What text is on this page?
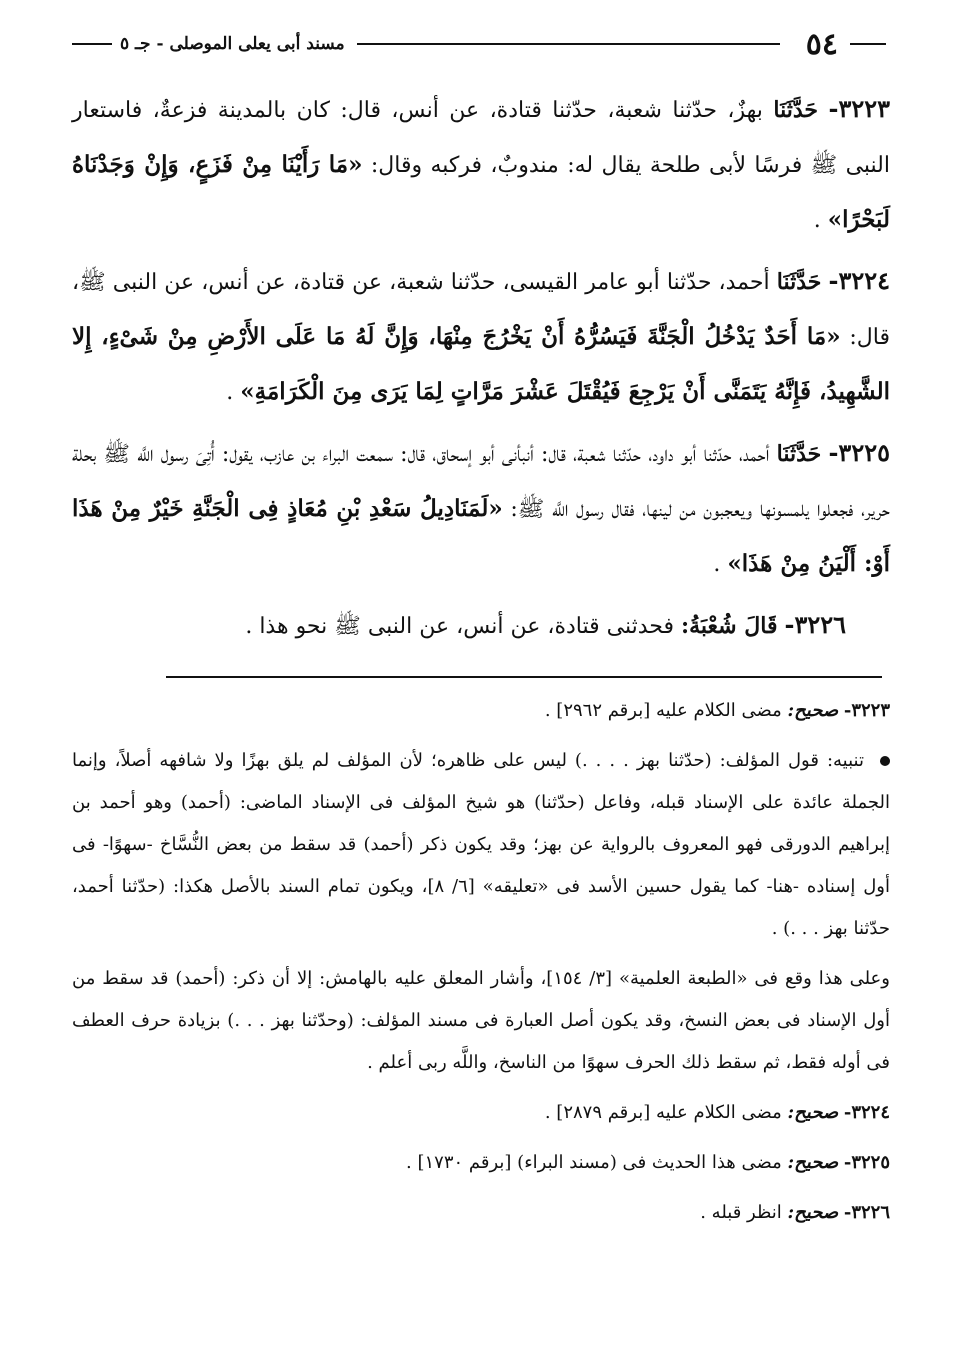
٥٤
مسند أبى يعلى الموصلى - جـ ٥

٣٢٢٣- حَدَّثَنَا بهزٌ، حدّثنا شعبة، حدّثنا قتادة، عن أنس، قال: كان بالمدينة فزعةٌ، فاستعار النبى ﷺ فرسًا لأبى طلحة يقال له: مندوبٌ، فركبه وقال: «مَا رَأَيْنَا مِنْ فَزَعٍ، وَإِنْ وَجَدْنَاهُ لَبَحْرًا» .

٣٢٢٤- حَدَّثَنَا أحمد، حدّثنا أبو عامر القيسى، حدّثنا شعبة، عن قتادة، عن أنس، عن النبى ﷺ، قال: «مَا أَحَدٌ يَدْخُلُ الْجَنَّةَ فَيَسُرُّهُ أَنْ يَخْرُجَ مِنْهَا، وَإِنَّ لَهُ مَا عَلَى الأَرْضِ مِنْ شَىْءٍ، إِلا الشَّهِيدُ، فَإِنَّهُ يَتَمَنَّى أَنْ يَرْجِعَ فَيُقْتَلَ عَشْرَ مَرَّاتٍ لِمَا يَرَى مِنَ الْكَرَامَةِ» .

٣٢٢٥- حَدَّثَنَا أحمد، حدّثنا أبو داود، حدّثنا شعبة، قال: أنبأنى أبو إسحاق، قال: سمعت البراء بن عازب، يقول: أُتِىَ رسول اللَّه ﷺ بحلة حرير، فجعلوا يلمسونها ويعجبون من لينها، فقال رسول اللَّه ﷺ: «لَمَنَادِيلُ سَعْدِ بْنِ مُعَاذٍ فِى الْجَنَّةِ خَيْرٌ مِنْ هَذَا أَوْ: أَلْيَنُ مِنْ هَذَا» .

٣٢٢٦- قَالَ شُعْبَةُ: فحدثنى قتادة، عن أنس، عن النبى ﷺ نحو هذا .

٣٢٢٣- صحيح: مضى الكلام عليه [برقم ٢٩٦٢] .

تنبيه: قول المؤلف: (حدّثنا بهز . . . .) ليس على ظاهره؛ لأن المؤلف لم يلق بهزًا ولا شافهه أصلاً، وإنما الجملة عائدة على الإسناد قبله، وفاعل (حدّثنا) هو شيخ المؤلف فى الإسناد الماضى: (أحمد) وهو أحمد بن إبراهيم الدورقى فهو المعروف بالرواية عن بهز؛ وقد يكون ذكر (أحمد) قد سقط من بعض النُّسَّاخ -سهوًا- فى أول إسناده -هنا- كما يقول حسين الأسد فى «تعليقه» [٦/ ٨]، ويكون تمام السند بالأصل هكذا: (حدّثنا أحمد، حدّثنا بهز . . .) .

وعلى هذا وقع فى «الطبعة العلمية» [٣/ ١٥٤]، وأشار المعلق عليه بالهامش: إلا أن ذكر: (أحمد) قد سقط من أول الإسناد فى بعض النسخ، وقد يكون أصل العبارة فى مسند المؤلف: (وحدّثنا بهز . . .) بزيادة حرف العطف فى أوله فقط، ثم سقط ذلك الحرف سهوًا من الناسخ، واللَّه ربى أعلم .

٣٢٢٤- صحيح: مضى الكلام عليه [برقم ٢٨٧٩] .

٣٢٢٥- صحيح: مضى هذا الحديث فى (مسند البراء) [برقم ١٧٣٠] .

٣٢٢٦- صحيح: انظر قبله .
